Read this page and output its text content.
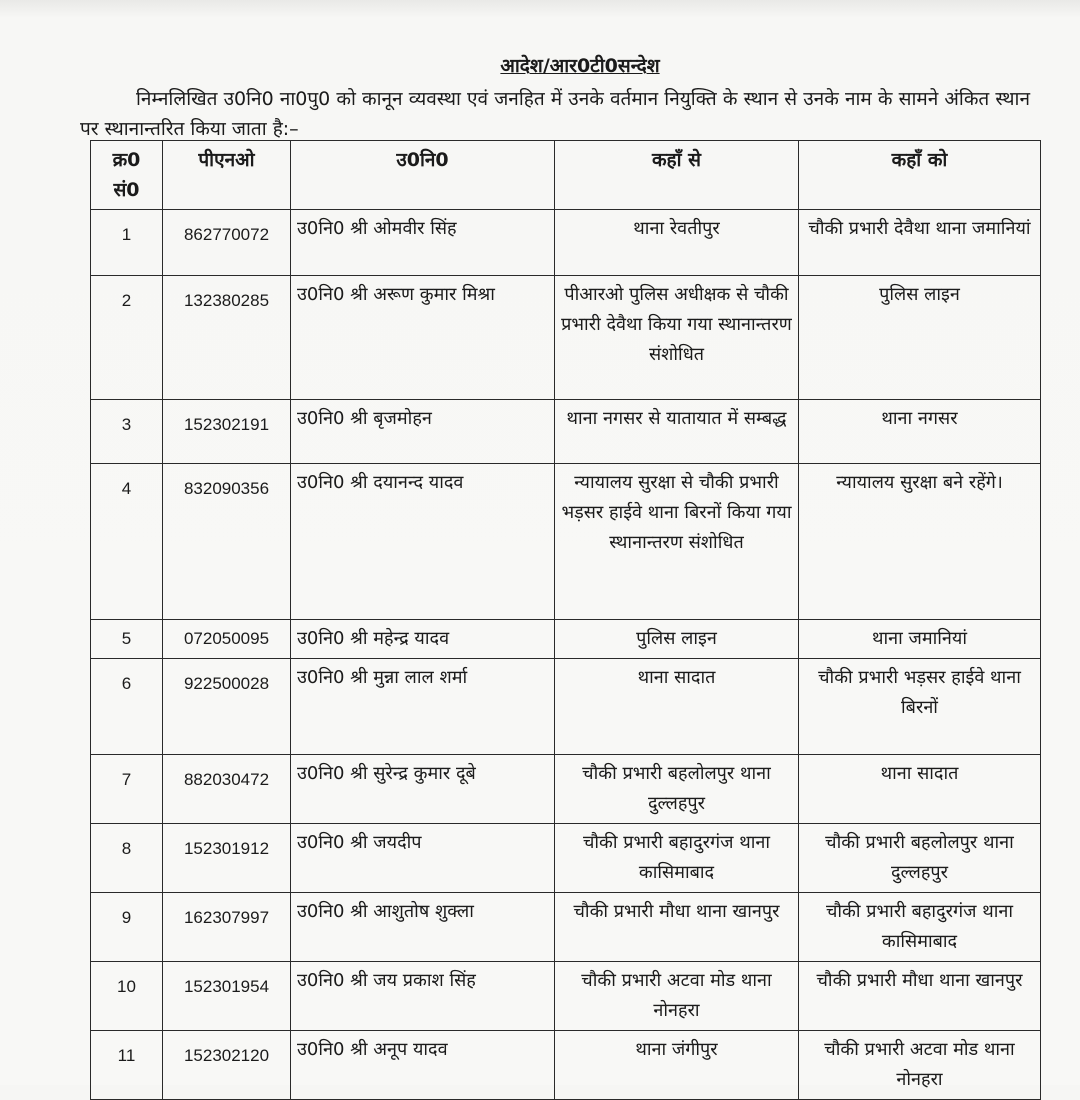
आदेश/आर0टी0सन्देश
निम्नलिखित उ0नि0 ना0पु0 को कानून व्यवस्था एवं जनहित में उनके वर्तमान नियुक्ति के स्थान से उनके नाम के सामने अंकित स्थान पर स्थानान्तरित किया जाता है:–
क्र0 सं0	पीएनओ	उ0नि0	कहाँ से	कहाँ को
1	862770072	उ0नि0 श्री ओमवीर सिंह	थाना रेवतीपुर	चौकी प्रभारी देवैथा थाना जमानियां
2	132380285	उ0नि0 श्री अरूण कुमार मिश्रा	पीआरओ पुलिस अधीक्षक से चौकी प्रभारी देवैथा किया गया स्थानान्तरण संशोधित	पुलिस लाइन
3	152302191	उ0नि0 श्री बृजमोहन	थाना नगसर से यातायात में सम्बद्ध	थाना नगसर
4	832090356	उ0नि0 श्री दयानन्द यादव	न्यायालय सुरक्षा से चौकी प्रभारी भड़सर हाईवे थाना बिरनों किया गया स्थानान्तरण संशोधित	न्यायालय सुरक्षा बने रहेंगे।
5	072050095	उ0नि0 श्री महेन्द्र यादव	पुलिस लाइन	थाना जमानियां
6	922500028	उ0नि0 श्री मुन्ना लाल शर्मा	थाना सादात	चौकी प्रभारी भड़सर हाईवे थाना बिरनों
7	882030472	उ0नि0 श्री सुरेन्द्र कुमार दूबे	चौकी प्रभारी बहलोलपुर थाना दुल्लहपुर	थाना सादात
8	152301912	उ0नि0 श्री जयदीप	चौकी प्रभारी बहादुरगंज थाना कासिमाबाद	चौकी प्रभारी बहलोलपुर थाना दुल्लहपुर
9	162307997	उ0नि0 श्री आशुतोष शुक्ला	चौकी प्रभारी मौधा थाना खानपुर	चौकी प्रभारी बहादुरगंज थाना कासिमाबाद
10	152301954	उ0नि0 श्री जय प्रकाश सिंह	चौकी प्रभारी अटवा मोड थाना नोनहरा	चौकी प्रभारी मौधा थाना खानपुर
11	152302120	उ0नि0 श्री अनूप यादव	थाना जंगीपुर	चौकी प्रभारी अटवा मोड थाना नोनहरा
